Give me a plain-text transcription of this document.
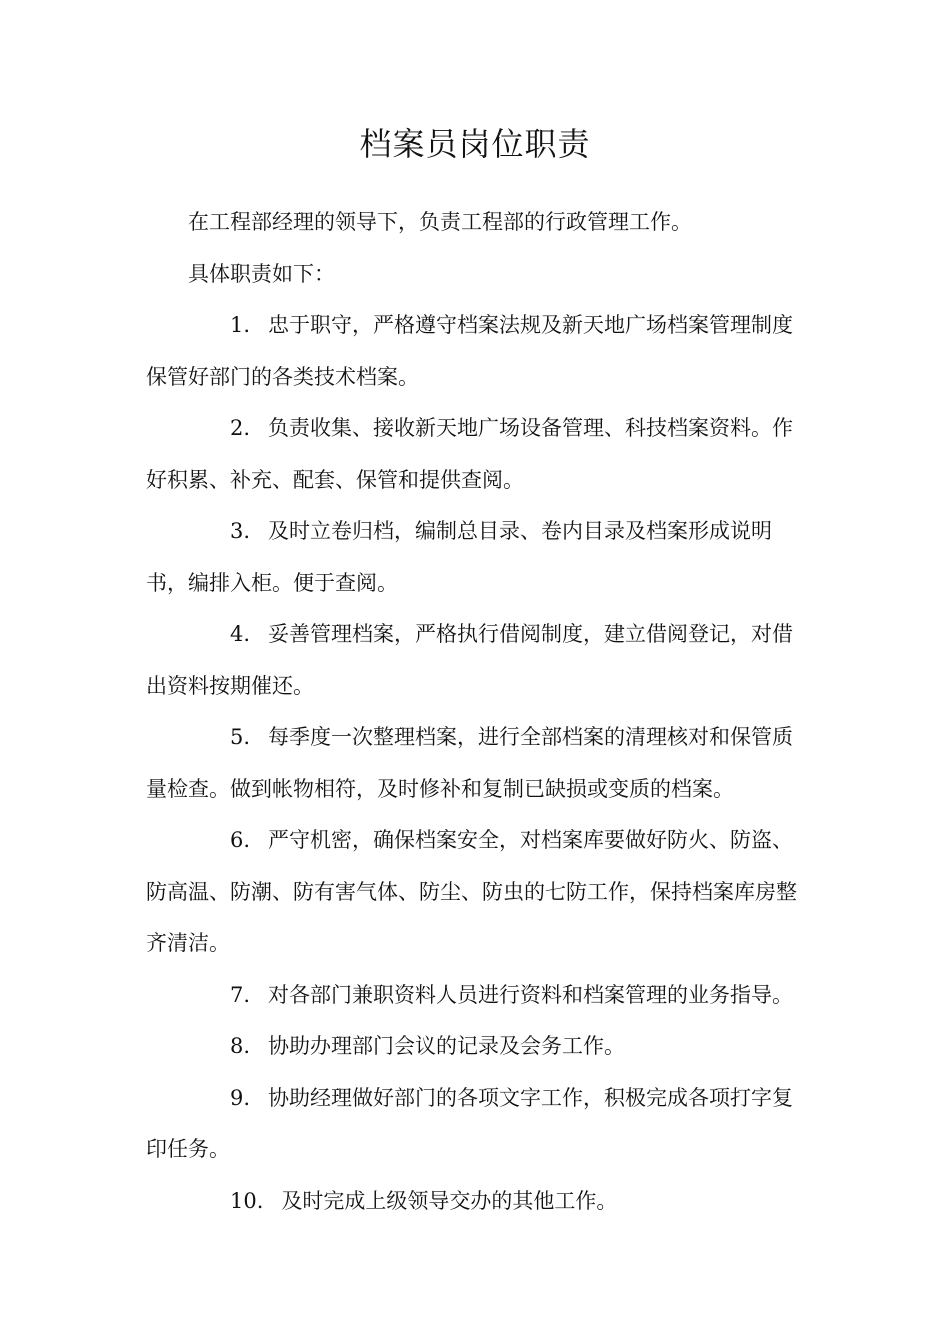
档案员岗位职责

在工程部经理的领导下，负责工程部的行政管理工作。

具体职责如下：

1. 忠于职守，严格遵守档案法规及新天地广场档案管理制度保管好部门的各类技术档案。

2. 负责收集、接收新天地广场设备管理、科技档案资料。作好积累、补充、配套、保管和提供查阅。

3. 及时立卷归档，编制总目录、卷内目录及档案形成说明书，编排入柜。便于查阅。

4. 妥善管理档案，严格执行借阅制度，建立借阅登记，对借出资料按期催还。

5. 每季度一次整理档案，进行全部档案的清理核对和保管质量检查。做到帐物相符，及时修补和复制已缺损或变质的档案。

6. 严守机密，确保档案安全，对档案库要做好防火、防盗、防高温、防潮、防有害气体、防尘、防虫的七防工作，保持档案库房整齐清洁。

7. 对各部门兼职资料人员进行资料和档案管理的业务指导。

8. 协助办理部门会议的记录及会务工作。

9. 协助经理做好部门的各项文字工作，积极完成各项打字复印任务。

10. 及时完成上级领导交办的其他工作。
